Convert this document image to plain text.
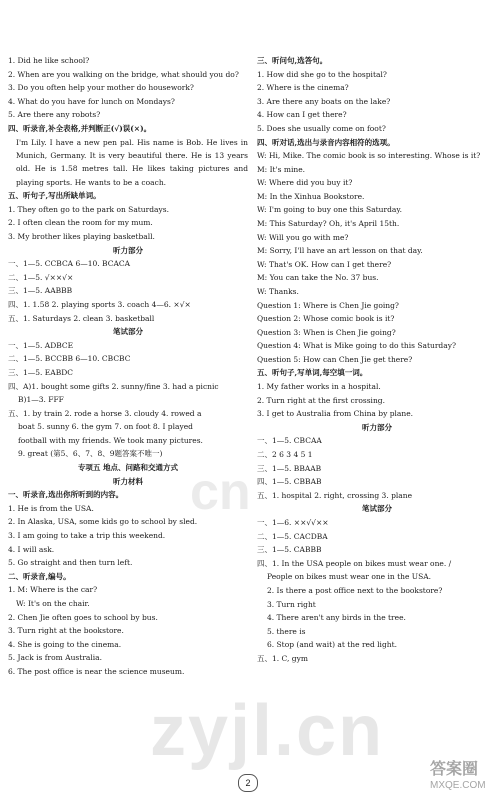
1. Did he like school?
2. When are you walking on the bridge, what should you do?
3. Do you often help your mother do housework?
4. What do you have for lunch on Mondays?
5. Are there any robots?
四、听录音,补全表格,并判断正(√)误(×)。
I'm Lily. I have a new pen pal. His name is Bob. He lives in Munich, Germany. It is very beautiful there. He is 13 years old. He is 1.58 metres tall. He likes taking pictures and playing sports. He wants to be a coach.
五、听句子,写出所缺单词。
1. They often go to the park on Saturdays.
2. I often clean the room for my mum.
3. My brother likes playing basketball.
听力部分
一、1—5. CCBCA 6—10. BCACA
二、1—5. √××√×
三、1—5. AABBB
四、1. 1.58 2. playing sports 3. coach 4—6. ×√×
五、1. Saturdays 2. clean 3. basketball
笔试部分
一、1—5. ADBCE
二、1—5. BCCBB 6—10. CBCBC
三、1—5. EABDC
四、A)1. bought some gifts 2. sunny/fine 3. had a picnic
B)1—3. FFF
五、1. by train 2. rode a horse 3. cloudy 4. rowed a
boat 5. sunny 6. the gym 7. on foot 8. I played
football with my friends. We took many pictures.
9. great (第5、6、7、8、9题答案不唯一)
专项五 地点、问路和交通方式
听力材料
一、听录音,选出你所听到的内容。
1. He is from the USA.
2. In Alaska, USA, some kids go to school by sled.
3. I am going to take a trip this weekend.
4. I will ask.
5. Go straight and then turn left.
二、听录音,编号。
1. M: Where is the car?
W: It's on the chair.
2. Chen Jie often goes to school by bus.
3. Turn right at the bookstore.
4. She is going to the cinema.
5. Jack is from Australia.
6. The post office is near the science museum.
三、听问句,选答句。
1. How did she go to the hospital?
2. Where is the cinema?
3. Are there any boats on the lake?
4. How can I get there?
5. Does she usually come on foot?
四、听对话,选出与录音内容相符的选项。
W: Hi, Mike. The comic book is so interesting. Whose is it?
M: It's mine.
W: Where did you buy it?
M: In the Xinhua Bookstore.
W: I'm going to buy one this Saturday.
M: This Saturday? Oh, it's April 15th.
W: Will you go with me?
M: Sorry, I'll have an art lesson on that day.
W: That's OK. How can I get there?
M: You can take the No. 37 bus.
W: Thanks.
Question 1: Where is Chen Jie going?
Question 2: Whose comic book is it?
Question 3: When is Chen Jie going?
Question 4: What is Mike going to do this Saturday?
Question 5: How can Chen Jie get there?
五、听句子,写单词,每空填一词。
1. My father works in a hospital.
2. Turn right at the first crossing.
3. I get to Australia from China by plane.
听力部分
一、1—5. CBCAA
二、2 6 3 4 5 1
三、1—5. BBAAB
四、1—5. CBBAB
五、1. hospital 2. right, crossing 3. plane
笔试部分
一、1—6. ××√√××
二、1—5. CACDBA
三、1—5. CABBB
四、1. In the USA people on bikes must wear one. /
People on bikes must wear one in the USA.
2. Is there a post office next to the bookstore?
3. Turn right
4. There aren't any birds in the tree.
5. there is
6. Stop (and wait) at the red light.
五、1. C, gym
cn
zyjl.cn
2
答案圈
MXQE.COM
